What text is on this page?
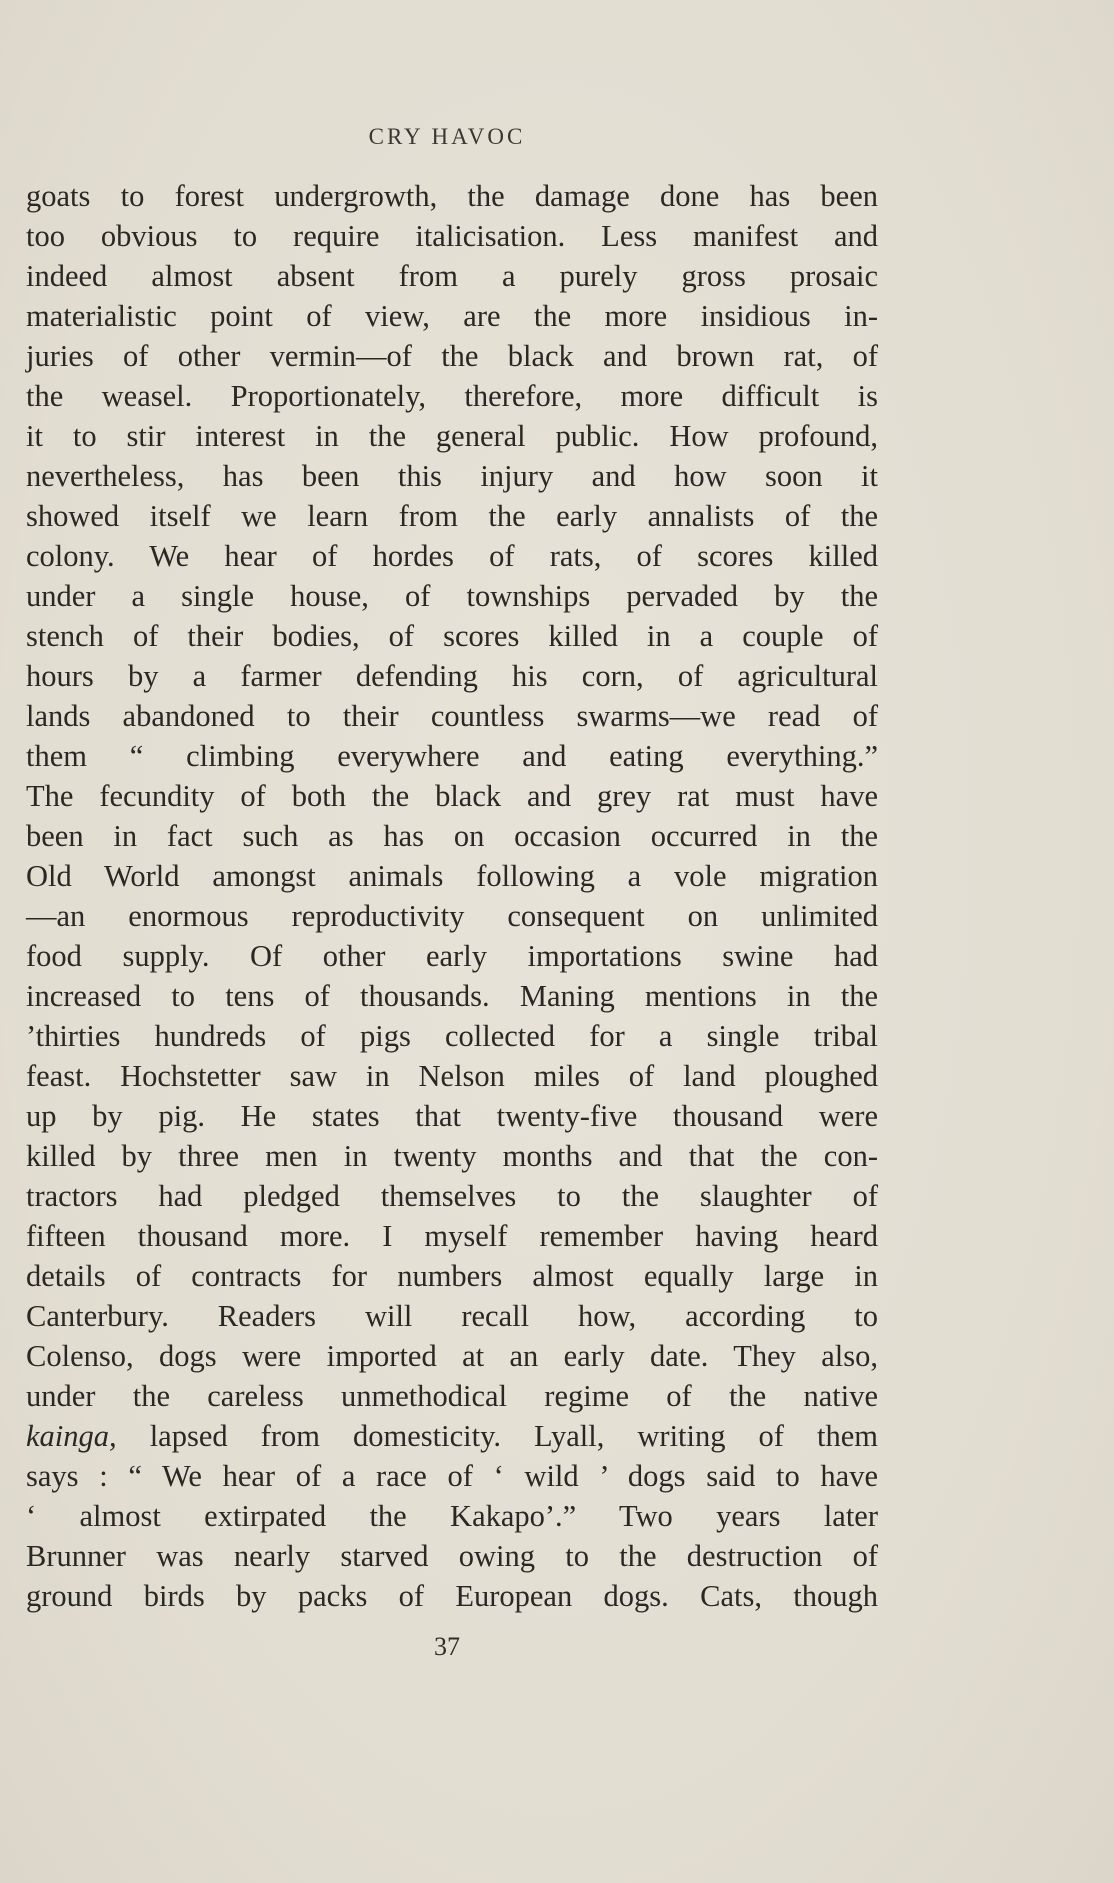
CRY HAVOC
goats to forest undergrowth, the damage done has been
too obvious to require italicisation. Less manifest and
indeed almost absent from a purely gross prosaic
materialistic point of view, are the more insidious in-
juries of other vermin—of the black and brown rat, of
the weasel. Proportionately, therefore, more difficult is
it to stir interest in the general public. How profound,
nevertheless, has been this injury and how soon it
showed itself we learn from the early annalists of the
colony. We hear of hordes of rats, of scores killed
under a single house, of townships pervaded by the
stench of their bodies, of scores killed in a couple of
hours by a farmer defending his corn, of agricultural
lands abandoned to their countless swarms—we read of
them “ climbing everywhere and eating everything.”
The fecundity of both the black and grey rat must have
been in fact such as has on occasion occurred in the
Old World amongst animals following a vole migration
—an enormous reproductivity consequent on unlimited
food supply. Of other early importations swine had
increased to tens of thousands. Maning mentions in the
’thirties hundreds of pigs collected for a single tribal
feast. Hochstetter saw in Nelson miles of land ploughed
up by pig. He states that twenty-five thousand were
killed by three men in twenty months and that the con-
tractors had pledged themselves to the slaughter of
fifteen thousand more. I myself remember having heard
details of contracts for numbers almost equally large in
Canterbury. Readers will recall how, according to
Colenso, dogs were imported at an early date. They also,
under the careless unmethodical regime of the native
kainga, lapsed from domesticity. Lyall, writing of them
says : “ We hear of a race of ‘ wild ’ dogs said to have
‘ almost extirpated the Kakapo’.” Two years later
Brunner was nearly starved owing to the destruction of
ground birds by packs of European dogs. Cats, though
37
